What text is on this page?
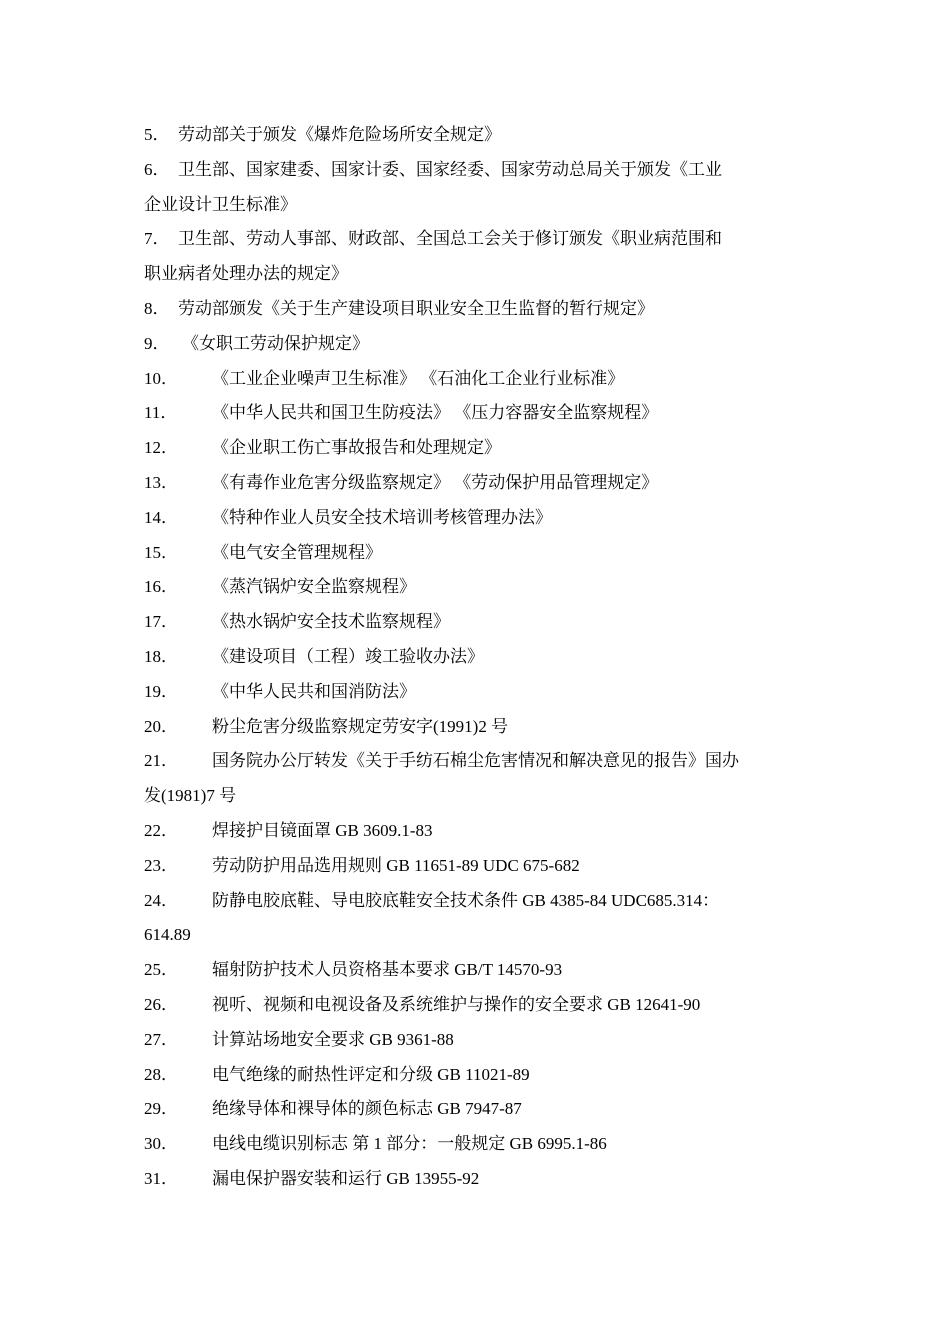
5． 劳动部关于颁发《爆炸危险场所安全规定》
6． 卫生部、国家建委、国家计委、国家经委、国家劳动总局关于颁发《工业
企业设计卫生标准》
7． 卫生部、劳动人事部、财政部、全国总工会关于修订颁发《职业病范围和
职业病者处理办法的规定》
8． 劳动部颁发《关于生产建设项目职业安全卫生监督的暂行规定》
9． 《女职工劳动保护规定》
10．	《工业企业噪声卫生标准》 《石油化工企业行业标准》
11．	《中华人民共和国卫生防疫法》 《压力容器安全监察规程》
12．	《企业职工伤亡事故报告和处理规定》
13．	《有毒作业危害分级监察规定》 《劳动保护用品管理规定》
14．	《特种作业人员安全技术培训考核管理办法》
15．	《电气安全管理规程》
16．	《蒸汽锅炉安全监察规程》
17．	《热水锅炉安全技术监察规程》
18．	《建设项目（工程）竣工验收办法》
19．	《中华人民共和国消防法》
20．	粉尘危害分级监察规定劳安字(1991)2 号
21．	国务院办公厅转发《关于手纺石棉尘危害情况和解决意见的报告》国办
发(1981)7 号
22．	焊接护目镜面罩 GB 3609.1-83
23．	劳动防护用品选用规则 GB 11651-89 UDC 675-682
24．	防静电胶底鞋、导电胶底鞋安全技术条件 GB 4385-84 UDC685.314：
614.89
25．	辐射防护技术人员资格基本要求 GB/T 14570-93
26．	视听、视频和电视设备及系统维护与操作的安全要求 GB 12641-90
27．	计算站场地安全要求 GB 9361-88
28．	电气绝缘的耐热性评定和分级 GB 11021-89
29．	绝缘导体和裸导体的颜色标志 GB 7947-87
30．	电线电缆识别标志 第 1 部分：一般规定 GB 6995.1-86
31．	漏电保护器安装和运行 GB 13955-92
